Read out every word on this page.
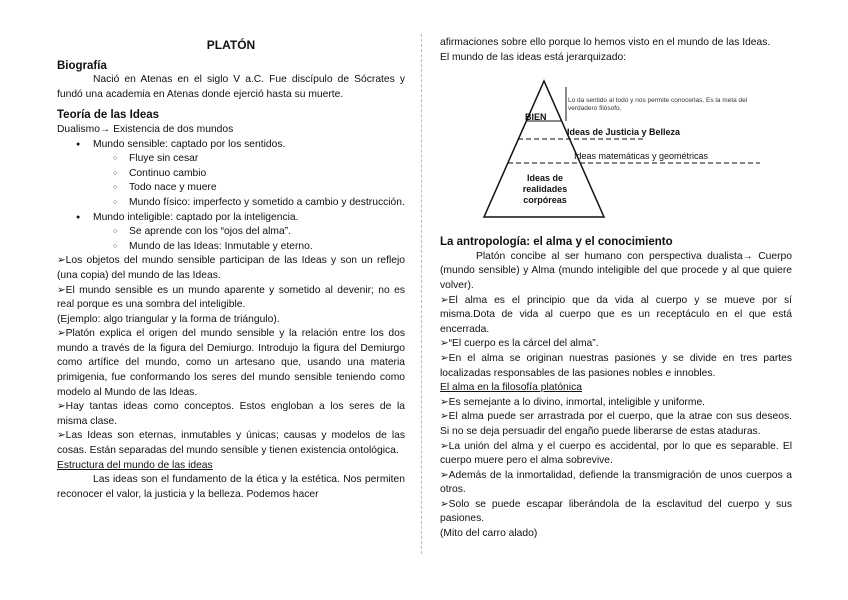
PLATÓN

Biografía

Nació en Atenas en el siglo V a.C. Fue discípulo de Sócrates y fundó una academia en Atenas donde ejerció hasta su muerte.

Teoría de las Ideas

Dualismo→ Existencia de dos mundos

● Mundo sensible: captado por los sentidos.
○ Fluye sin cesar
○ Continuo cambio
○ Todo nace y muere
○ Mundo físico: imperfecto y sometido a cambio y destrucción.
● Mundo inteligible: captado por la inteligencia.
○ Se aprende con los “ojos del alma”.
○ Mundo de las Ideas: Inmutable y eterno.

➢Los objetos del mundo sensible participan de las Ideas y son un reflejo (una copia) del mundo de las Ideas.

➢El mundo sensible es un mundo aparente y sometido al devenir; no es real porque es una sombra del inteligible.

(Ejemplo: algo triangular y la forma de triángulo).

➢Platón explica el origen del mundo sensible y la relación entre los dos mundo a través de la figura del Demiurgo. Introdujo la figura del Demiurgo como artífice del mundo, como un artesano que, usando una materia primigenia, fue conformando los seres del mundo sensible teniendo como modelo al Mundo de las Ideas.

➢Hay tantas ideas como conceptos. Estos engloban a los seres de la misma clase.

➢Las Ideas son eternas, inmutables y únicas; causas y modelos de las cosas. Están separadas del mundo sensible y tienen existencia ontológica.

Estructura del mundo de las ideas

Las ideas son el fundamento de la ética y la estética. Nos permiten reconocer el valor, la justicia y la belleza. Podemos hacer

afirmaciones sobre ello porque lo hemos visto en el mundo de las Ideas.

El mundo de las ideas está jerarquizado:

BIEN
Lo da sentido al todo y nos permite conocerlas. Es la meta del verdadero filósofo.
Ideas de Justicia y Belleza
Ideas matemáticas y geométricas
Ideas de realidades corpóreas

La antropología: el alma y el conocimiento

Platón concibe al ser humano con perspectiva dualista→ Cuerpo (mundo sensible) y Alma (mundo inteligible del que procede y al que quiere volver).

➢El alma es el principio que da vida al cuerpo y se mueve por sí misma.Dota de vida al cuerpo que es un receptáculo en el que está encerrada.

➢“El cuerpo es la cárcel del alma”.

➢En el alma se originan nuestras pasiones y se divide en tres partes localizadas responsables de las pasiones nobles e innobles.

El alma en la filosofía platónica

➢Es semejante a lo divino, inmortal, inteligible y uniforme.

➢El alma puede ser arrastrada por el cuerpo, que la atrae con sus deseos. Si no se deja persuadir del engaño puede liberarse de estas ataduras.

➢La unión del alma y el cuerpo es accidental, por lo que es separable. El cuerpo muere pero el alma sobrevive.

➢Además de la inmortalidad, defiende la transmigración de unos cuerpos a otros.

➢Solo se puede escapar liberándola de la esclavitud del cuerpo y sus pasiones.

(Mito del carro alado)
